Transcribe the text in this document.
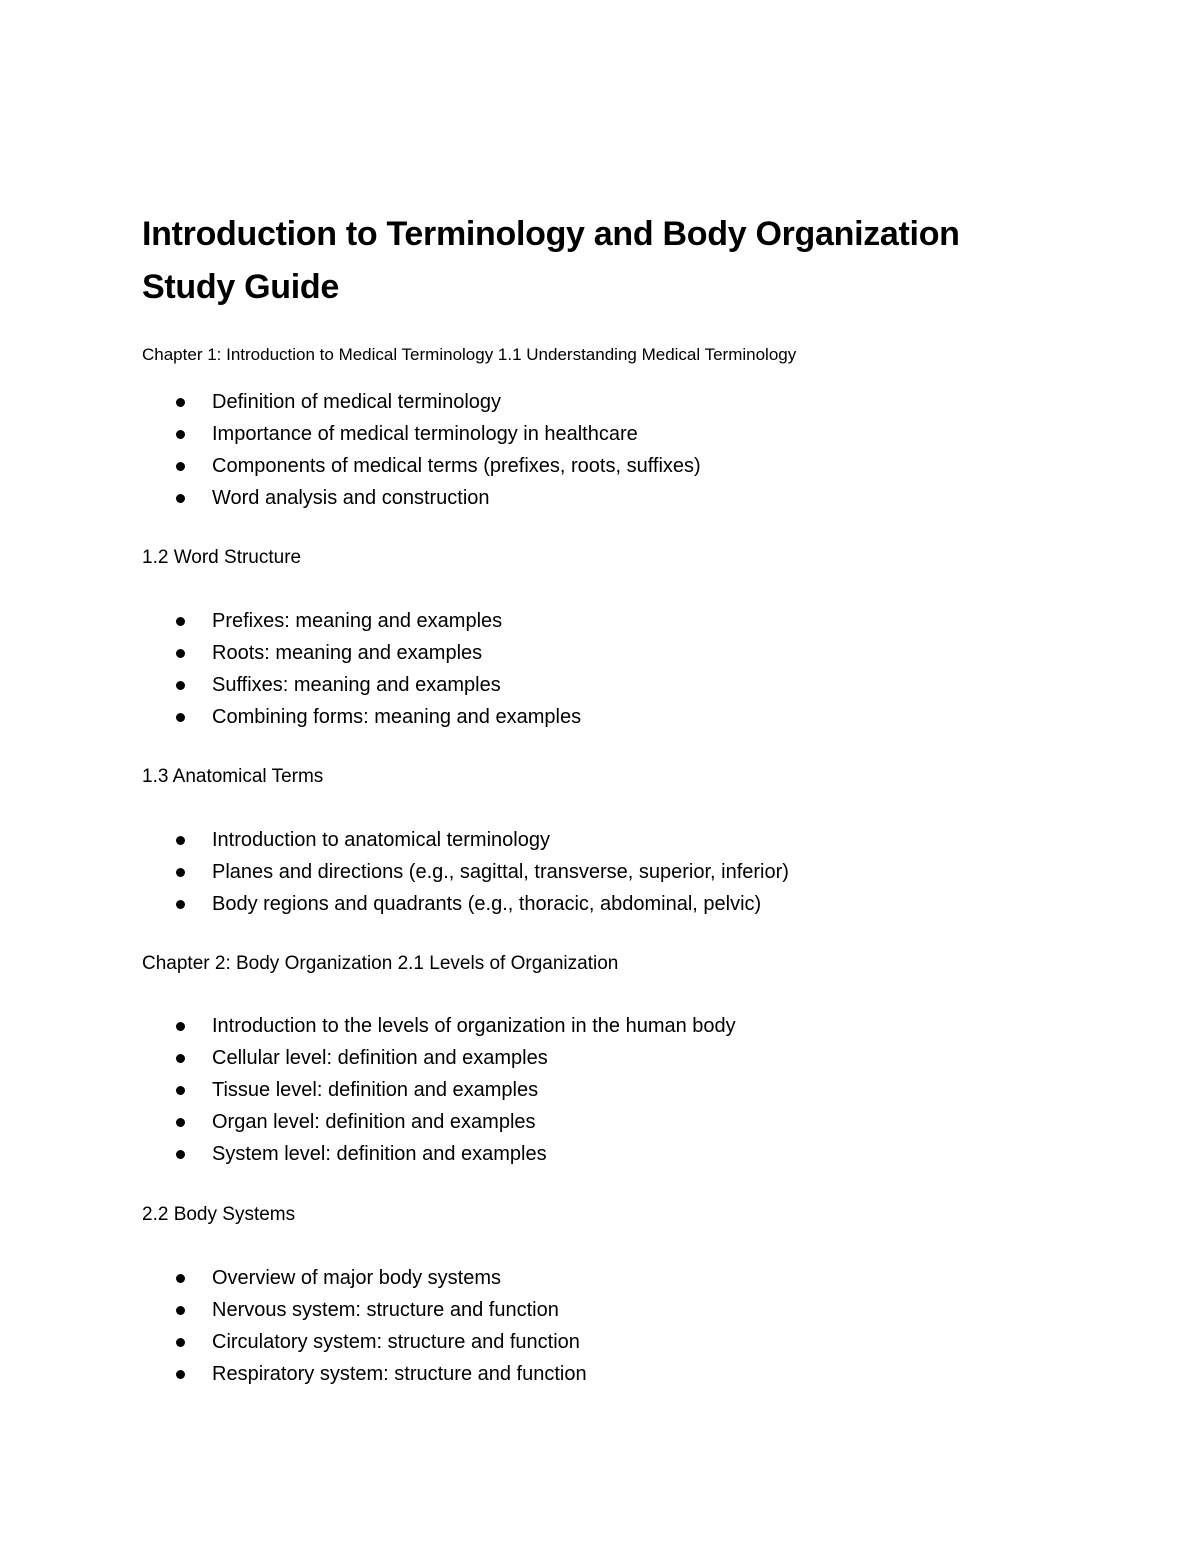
Introduction to Terminology and Body Organization
Study Guide

Chapter 1: Introduction to Medical Terminology 1.1 Understanding Medical Terminology

Definition of medical terminology
Importance of medical terminology in healthcare
Components of medical terms (prefixes, roots, suffixes)
Word analysis and construction

1.2 Word Structure

Prefixes: meaning and examples
Roots: meaning and examples
Suffixes: meaning and examples
Combining forms: meaning and examples

1.3 Anatomical Terms

Introduction to anatomical terminology
Planes and directions (e.g., sagittal, transverse, superior, inferior)
Body regions and quadrants (e.g., thoracic, abdominal, pelvic)

Chapter 2: Body Organization 2.1 Levels of Organization

Introduction to the levels of organization in the human body
Cellular level: definition and examples
Tissue level: definition and examples
Organ level: definition and examples
System level: definition and examples

2.2 Body Systems

Overview of major body systems
Nervous system: structure and function
Circulatory system: structure and function
Respiratory system: structure and function
